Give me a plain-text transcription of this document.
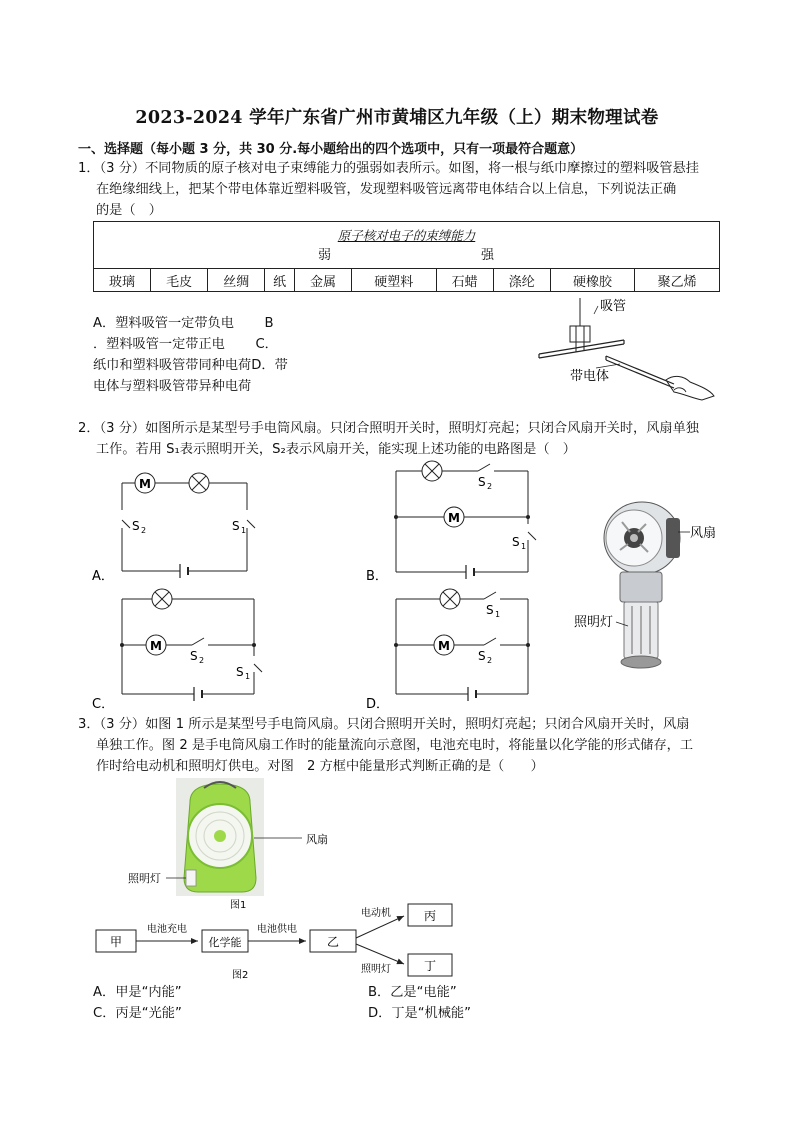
2023-2024 学年广东省广州市黄埔区九年级（上）期末物理试卷
一、选择题（每小题 3 分，共 30 分.每小题给出的四个选项中，只有一项最符合题意）
1．（3 分）不同物质的原子核对电子束缚能力的强弱如表所示。如图，将一根与纸巾摩擦过的塑料吸管悬挂
在绝缘细线上，把某个带电体靠近塑料吸管，发现塑料吸管远离带电体结合以上信息，下列说法正确
的是（　）
原子核对电子的束缚能力
弱	强

玻璃	毛皮	丝绸	纸	金属	硬塑料	石蜡	涤纶	硬橡胶	聚乙烯
A．塑料吸管一定带负电　　 B
．塑料吸管一定带正电　　 C．
纸巾和塑料吸管带同种电荷D．带
电体与塑料吸管带异种电荷
吸管
带电体
2．（3 分）如图所示是某型号手电筒风扇。只闭合照明开关时，照明灯亮起；只闭合风扇开关时，风扇单独
工作。若用 S₁表示照明开关，S₂表示风扇开关，能实现上述功能的电路图是（　）
A．
M
S 2	S 1
B．
S 2
S 1
M
风扇
照明灯
C．
S 1
M
S 2
D．
S 1
M
S 2
3．（3 分）如图 1 所示是某型号手电筒风扇。只闭合照明开关时，照明灯亮起；只闭合风扇开关时，风扇
单独工作。图 2 是手电筒风扇工作时的能量流向示意图，电池充电时，将能量以化学能的形式储存，工
作时给电动机和照明灯供电。对图　2 方框中能量形式判断正确的是（　　）
风扇
照明灯
图1
甲
电池充电
化学能
电池供电
乙
电动机
照明灯
丙
丁
图2
A．甲是“内能”	B．乙是“电能”
C．丙是“光能”	D．丁是“机械能”
